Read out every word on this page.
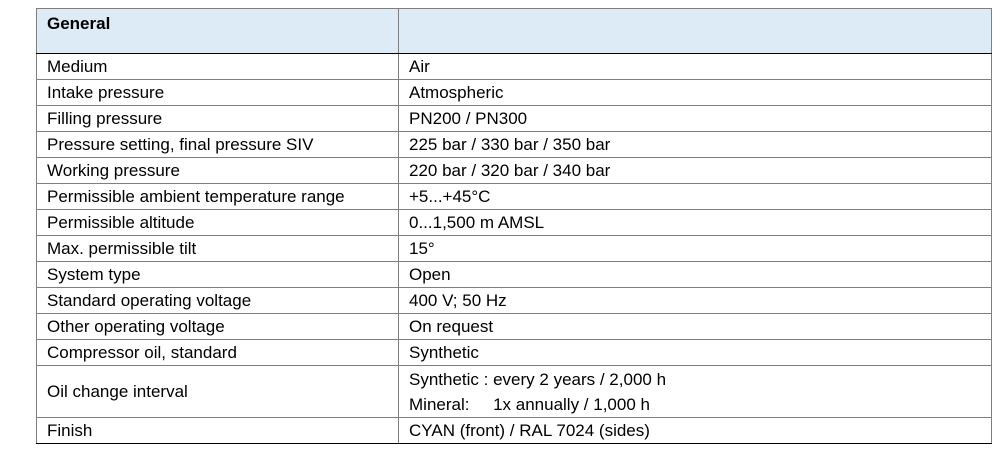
General	
Medium	Air
Intake pressure	Atmospheric
Filling pressure	PN200 / PN300
Pressure setting, final pressure SIV	225 bar / 330 bar / 350 bar
Working pressure	220 bar / 320 bar / 340 bar
Permissible ambient temperature range	+5...+45°C
Permissible altitude	0...1,500 m AMSL
Max. permissible tilt	15°
System type	Open
Standard operating voltage	400 V; 50 Hz
Other operating voltage	On request
Compressor oil, standard	Synthetic
Oil change interval	Synthetic : every 2 years / 2,000 h
Mineral:     1x annually / 1,000 h

Finish	CYAN (front) / RAL 7024 (sides)
